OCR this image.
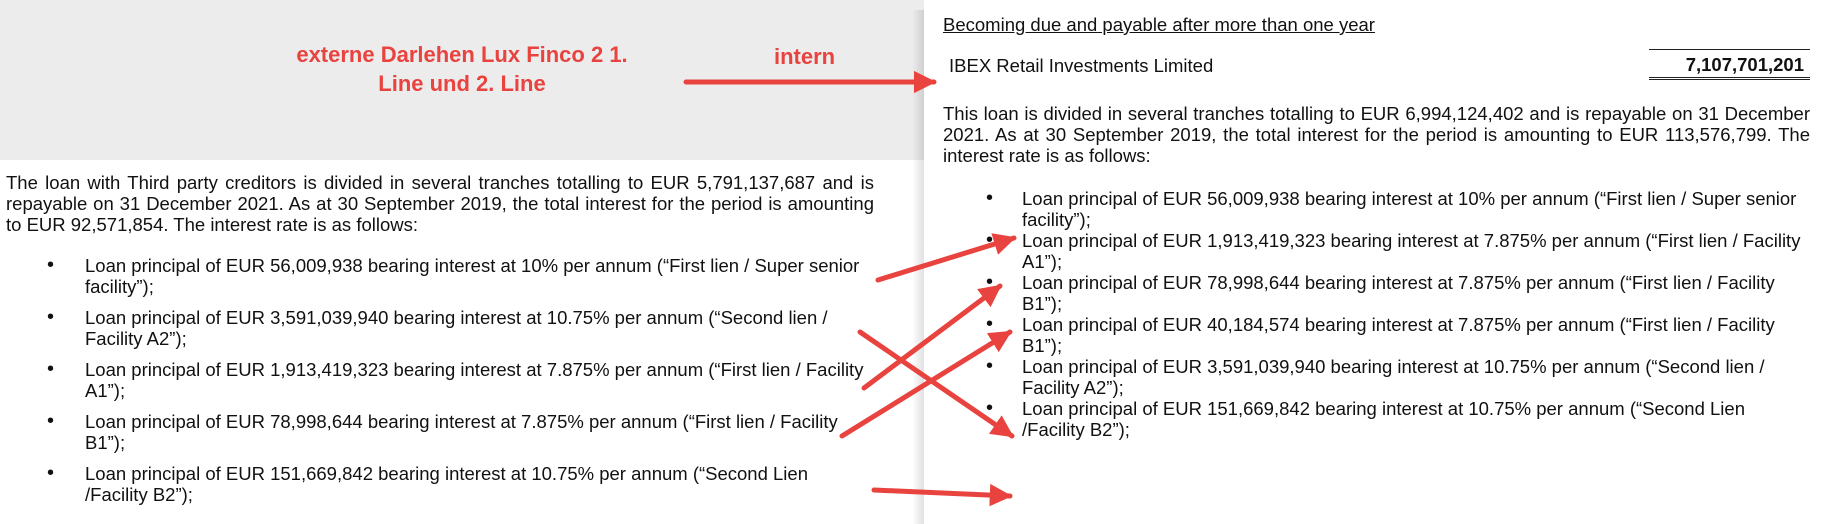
externe Darlehen Lux Finco 2 1.
Line und 2. Line
intern

The loan with Third party creditors is divided in several tranches totalling to EUR 5,791,137,687 and is repayable on 31 December 2021. As at 30 September 2019, the total interest for the period is amounting to EUR 92,571,854. The interest rate is as follows:

• Loan principal of EUR 56,009,938 bearing interest at 10% per annum (“First lien / Super senior facility”);
• Loan principal of EUR 3,591,039,940 bearing interest at 10.75% per annum (“Second lien / Facility A2”);
• Loan principal of EUR 1,913,419,323 bearing interest at 7.875% per annum (“First lien / Facility A1”);
• Loan principal of EUR 78,998,644 bearing interest at 7.875% per annum (“First lien / Facility B1”);
• Loan principal of EUR 151,669,842 bearing interest at 10.75% per annum (“Second Lien /Facility B2”);

Becoming due and payable after more than one year

IBEX Retail Investments Limited	7,107,701,201

This loan is divided in several tranches totalling to EUR 6,994,124,402 and is repayable on 31 December 2021. As at 30 September 2019, the total interest for the period is amounting to EUR 113,576,799. The interest rate is as follows:

• Loan principal of EUR 56,009,938 bearing interest at 10% per annum (“First lien / Super senior facility”);
• Loan principal of EUR 1,913,419,323 bearing interest at 7.875% per annum (“First lien / Facility A1”);
• Loan principal of EUR 78,998,644 bearing interest at 7.875% per annum (“First lien / Facility B1”);
• Loan principal of EUR 40,184,574 bearing interest at 7.875% per annum (“First lien / Facility B1”);
• Loan principal of EUR 3,591,039,940 bearing interest at 10.75% per annum (“Second lien / Facility A2”);
• Loan principal of EUR 151,669,842 bearing interest at 10.75% per annum (“Second Lien /Facility B2”);
